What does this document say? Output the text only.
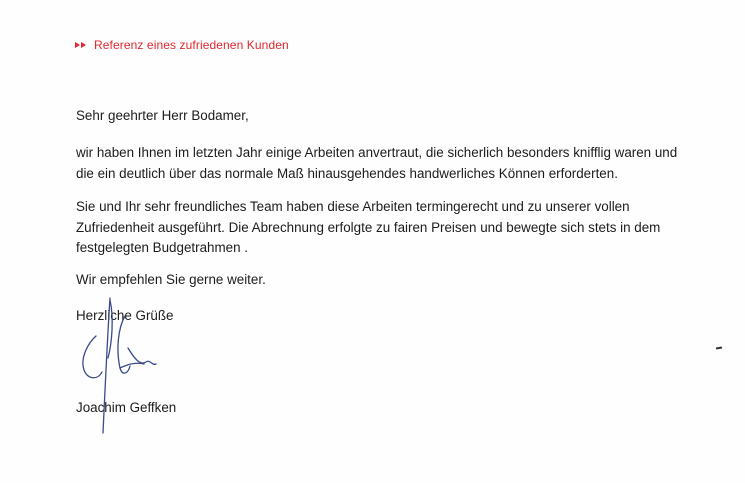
Referenz eines zufriedenen Kunden

Sehr geehrter Herr Bodamer,

wir haben Ihnen im letzten Jahr einige Arbeiten anvertraut, die sicherlich besonders knifflig waren und
die ein deutlich über das normale Maß hinausgehendes handwerliches Können erforderten.

Sie und Ihr sehr freundliches Team haben diese Arbeiten termingerecht und zu unserer vollen
Zufriedenheit ausgeführt. Die Abrechnung erfolgte zu fairen Preisen und bewegte sich stets in dem
festgelegten Budgetrahmen .

Wir empfehlen Sie gerne weiter.

Herzliche Grüße

Joachim Geffken
